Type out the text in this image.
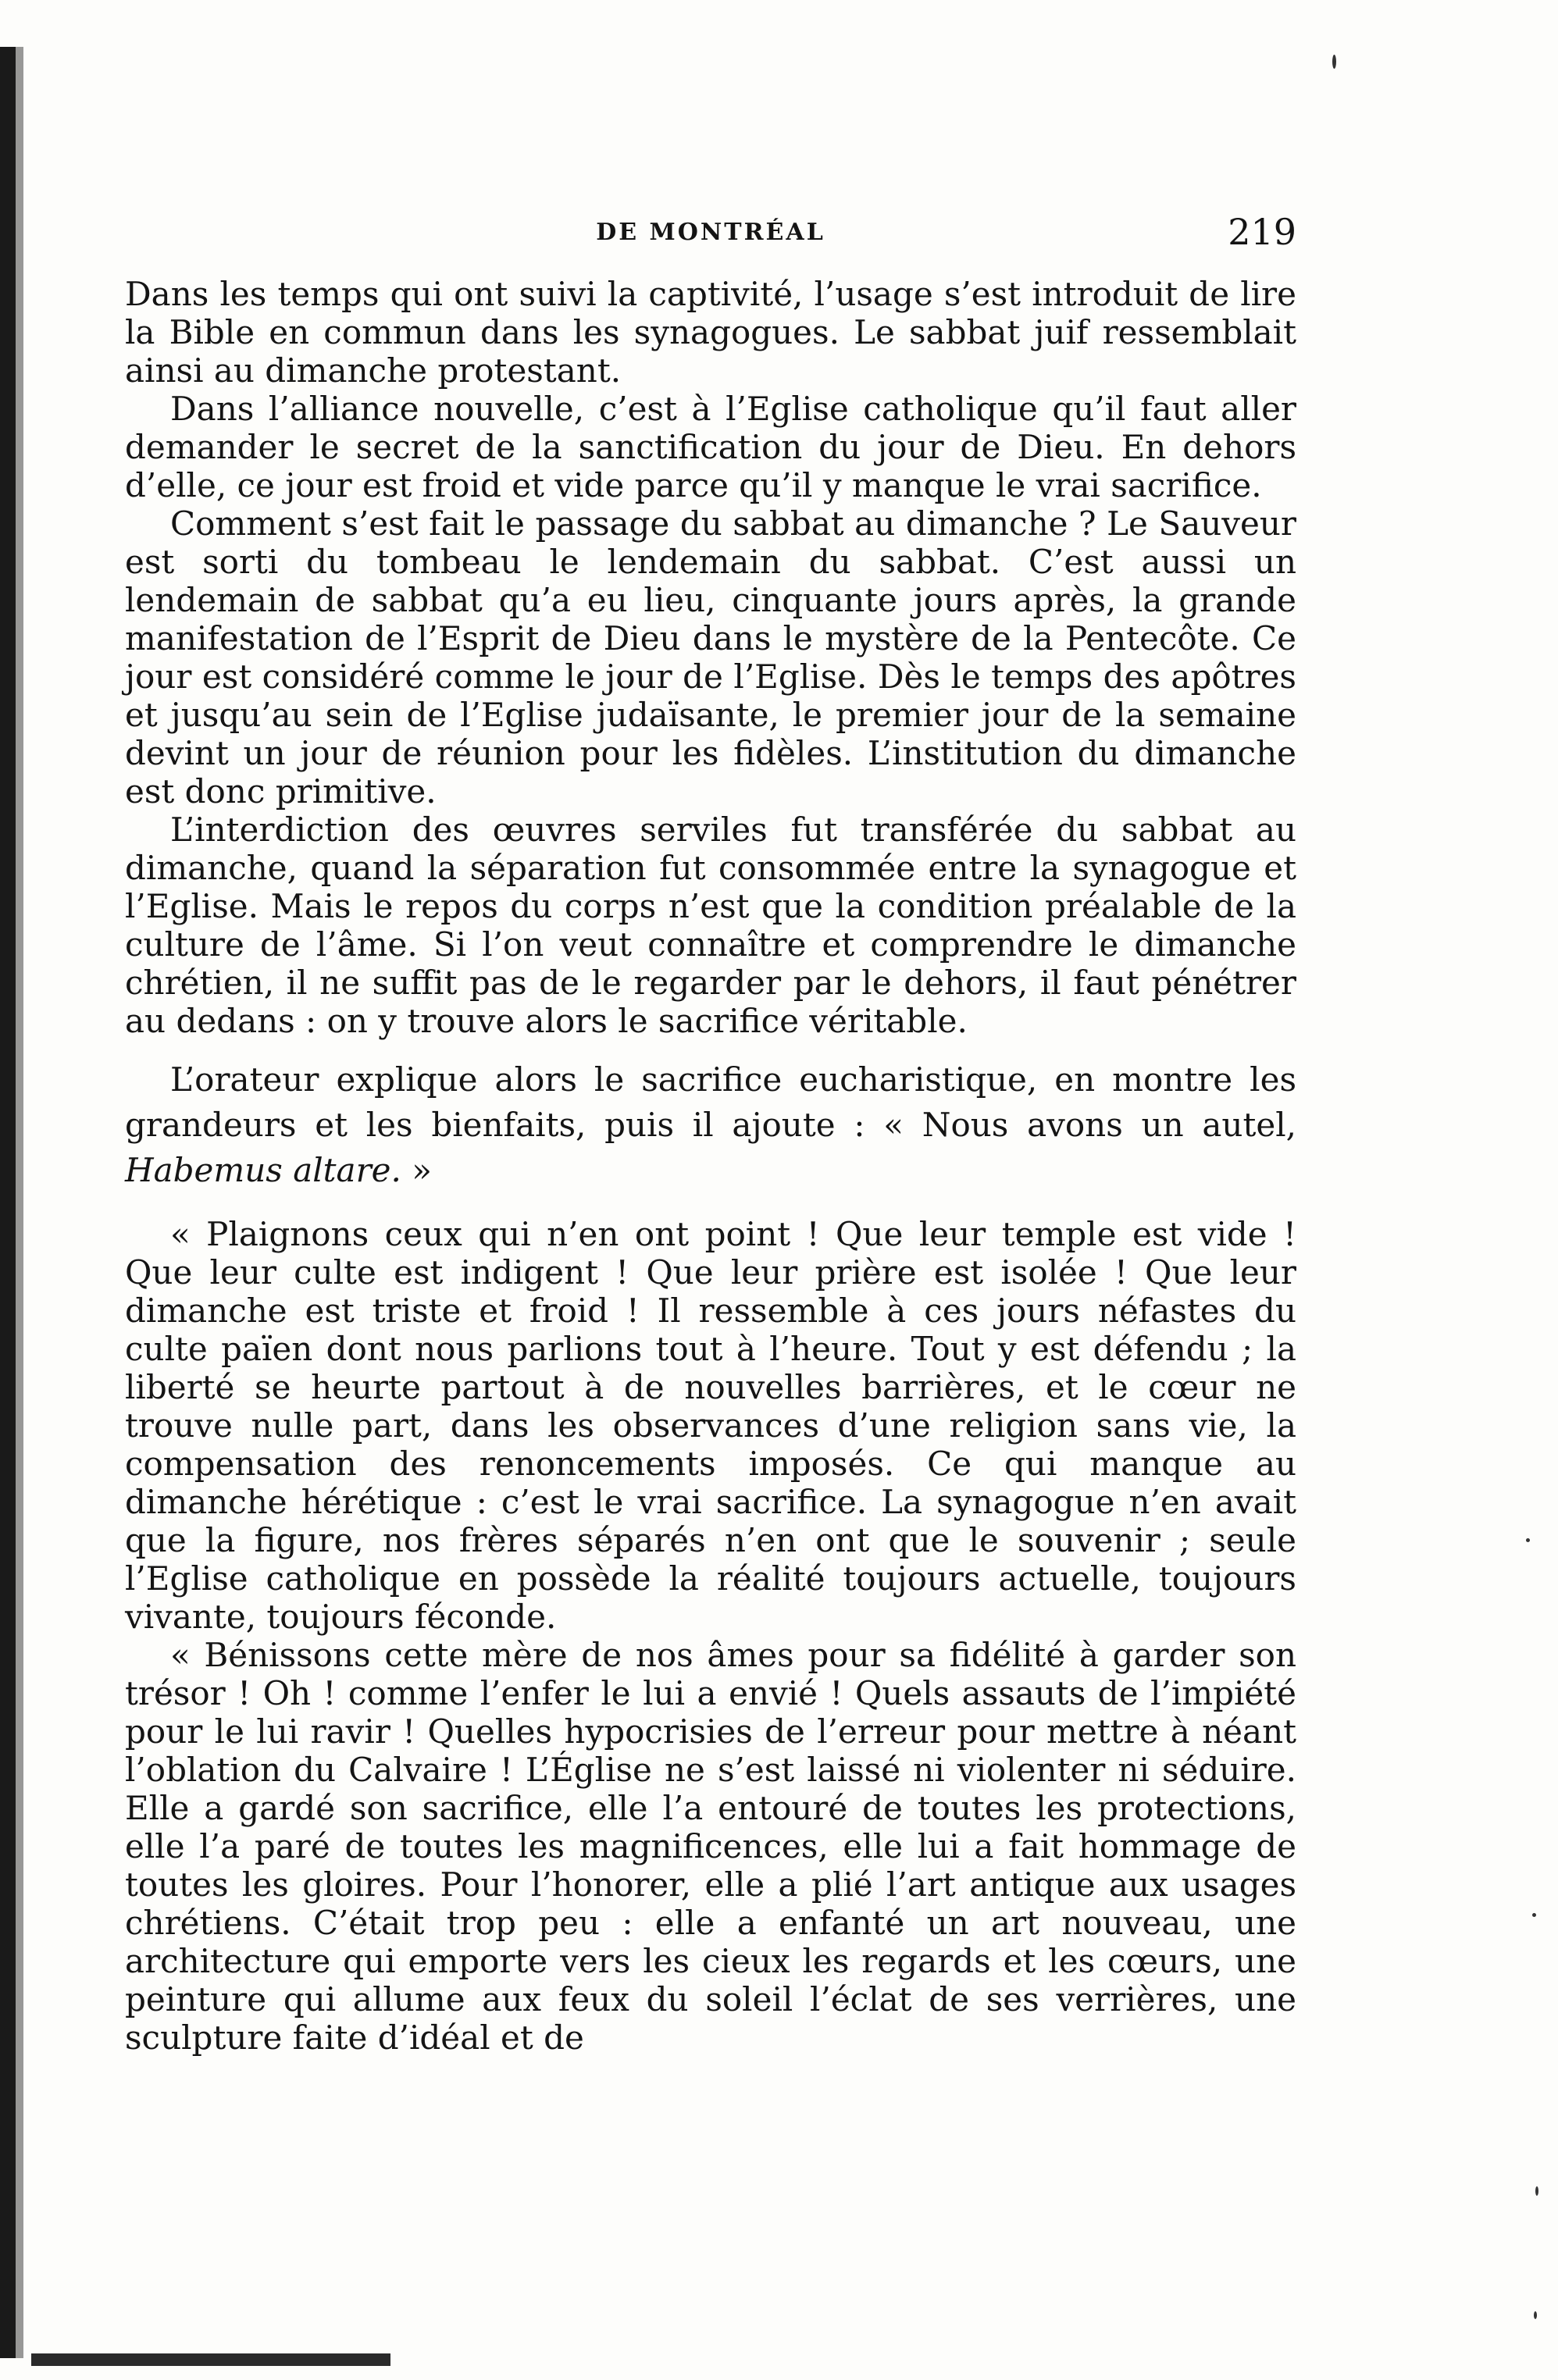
DE MONTRÉAL	219

Dans les temps qui ont suivi la captivité, l’usage s’est introduit de lire la Bible en commun dans les synagogues. Le sabbat juif ressemblait ainsi au dimanche protestant.

Dans l’alliance nouvelle, c’est à l’Eglise catholique qu’il faut aller demander le secret de la sanctification du jour de Dieu. En dehors d’elle, ce jour est froid et vide parce qu’il y manque le vrai sacrifice.

Comment s’est fait le passage du sabbat au dimanche ? Le Sauveur est sorti du tombeau le lendemain du sabbat. C’est aussi un lendemain de sabbat qu’a eu lieu, cinquante jours après, la grande manifestation de l’Esprit de Dieu dans le mystère de la Pentecôte. Ce jour est considéré comme le jour de l’Eglise. Dès le temps des apôtres et jusqu’au sein de l’Eglise judaïsante, le premier jour de la semaine devint un jour de réunion pour les fidèles. L’institution du dimanche est donc primitive.

L’interdiction des œuvres serviles fut transférée du sabbat au dimanche, quand la séparation fut consommée entre la synagogue et l’Eglise. Mais le repos du corps n’est que la condition préalable de la culture de l’âme. Si l’on veut connaître et comprendre le dimanche chrétien, il ne suffit pas de le regarder par le dehors, il faut pénétrer au dedans : on y trouve alors le sacrifice véritable.

L’orateur explique alors le sacrifice eucharistique, en montre les grandeurs et les bienfaits, puis il ajoute : « Nous avons un autel, Habemus altare. »

« Plaignons ceux qui n’en ont point ! Que leur temple est vide ! Que leur culte est indigent ! Que leur prière est isolée ! Que leur dimanche est triste et froid ! Il ressemble à ces jours néfastes du culte païen dont nous parlions tout à l’heure. Tout y est défendu ; la liberté se heurte partout à de nouvelles barrières, et le cœur ne trouve nulle part, dans les observances d’une religion sans vie, la compensation des renoncements imposés. Ce qui manque au dimanche hérétique : c’est le vrai sacrifice. La synagogue n’en avait que la figure, nos frères séparés n’en ont que le souvenir ; seule l’Eglise catholique en possède la réalité toujours actuelle, toujours vivante, toujours féconde.

« Bénissons cette mère de nos âmes pour sa fidélité à garder son trésor ! Oh ! comme l’enfer le lui a envié ! Quels assauts de l’impiété pour le lui ravir ! Quelles hypocrisies de l’erreur pour mettre à néant l’oblation du Calvaire ! L’Église ne s’est laissé ni violenter ni séduire. Elle a gardé son sacrifice, elle l’a entouré de toutes les protections, elle l’a paré de toutes les magnificences, elle lui a fait hommage de toutes les gloires. Pour l’honorer, elle a plié l’art antique aux usages chrétiens. C’était trop peu : elle a enfanté un art nouveau, une architecture qui emporte vers les cieux les regards et les cœurs, une peinture qui allume aux feux du soleil l’éclat de ses verrières, une sculpture faite d’idéal et de
